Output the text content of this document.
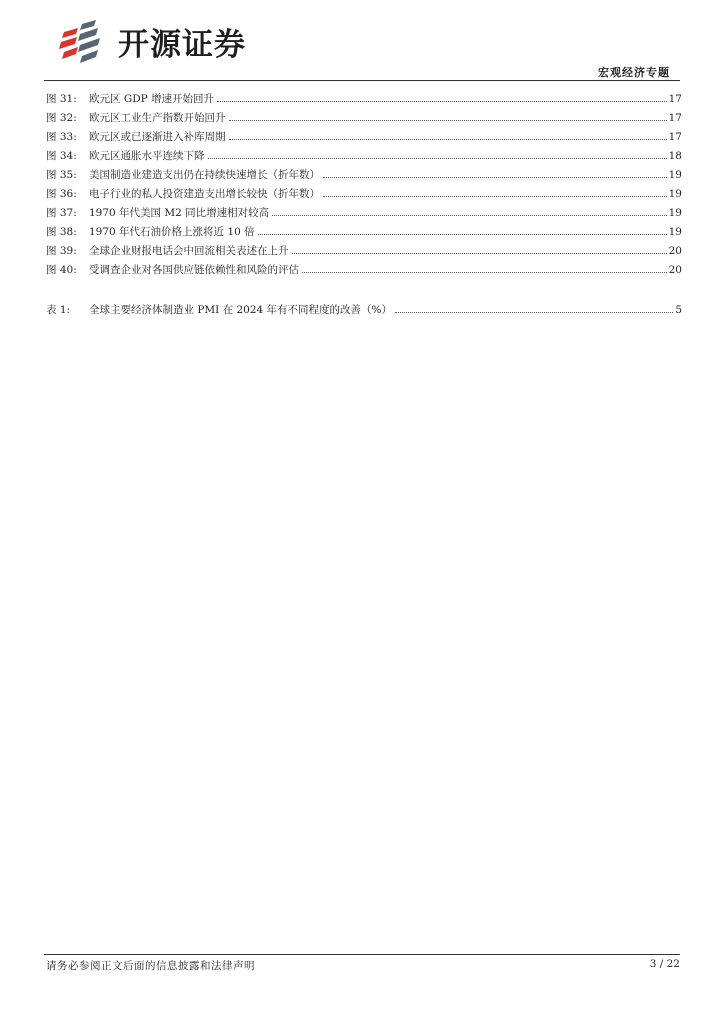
开源证券
宏观经济专题
图 31:	欧元区 GDP 增速开始回升	17
图 32:	欧元区工业生产指数开始回升	17
图 33:	欧元区或已逐渐进入补库周期	17
图 34:	欧元区通胀水平连续下降	18
图 35:	美国制造业建造支出仍在持续快速增长（折年数）	19
图 36:	电子行业的私人投资建造支出增长较快（折年数）	19
图 37:	1970 年代美国 M2 同比增速相对较高	19
图 38:	1970 年代石油价格上涨将近 10 倍	19
图 39:	全球企业财报电话会中回流相关表述在上升	20
图 40:	受调查企业对各国供应链依赖性和风险的评估	20
表 1:	全球主要经济体制造业 PMI 在 2024 年有不同程度的改善（%）	5
请务必参阅正文后面的信息披露和法律声明	3 / 22
